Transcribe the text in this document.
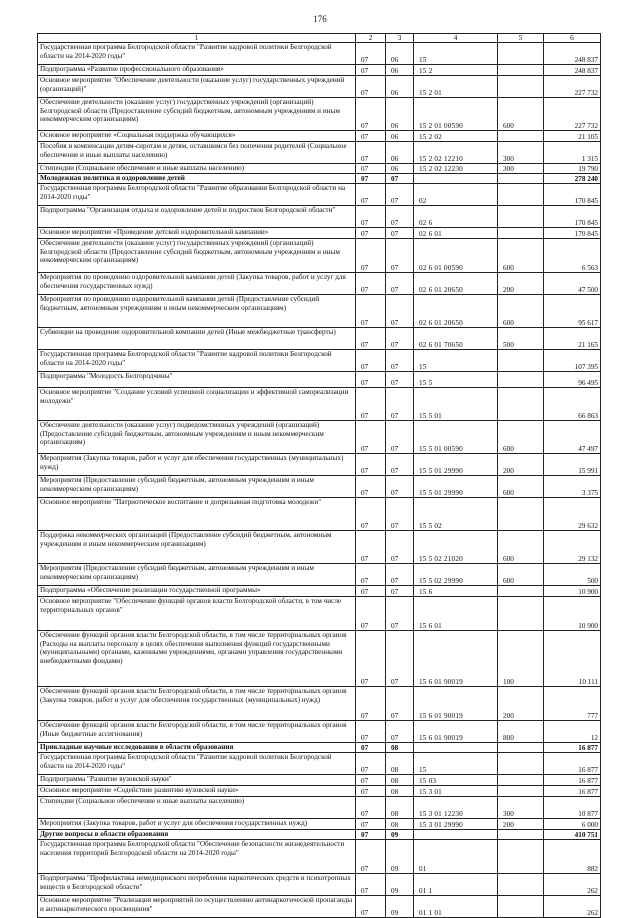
176
1	2	3	4	5	6
Государственная программа Белгородской области "Развитие кадровой политики Белгородской области на 2014-2020 годы"	07	06	15		248 837
Подпрограмма «Развитие профессионального образования»	07	06	15 2		248 837
Основное мероприятие "Обеспечение деятельности (оказание услуг) государственных учреждений (организаций)"	07	06	15 2 01		227 732
Обеспечение деятельности (оказание услуг) государственных учреждений (организаций) Белгородской области (Предоставление субсидий бюджетным, автономным учреждениям и иным некоммерческим организациям)	07	06	15 2 01 00590	600	227 732
Основное мероприятие «Социальная поддержка обучающихся»	07	06	15 2 02		21 105
Пособия и компенсации детям-сиротам и детям, оставшимся без попечения родителей (Социальное обеспечение и иные выплаты населению)	07	06	15 2 02 12210	300	1 315
Стипендии (Социальное обеспечение и иные выплаты населению)	07	06	15 2 02 12230	300	19 790
Молодежная политика и оздоровление детей	07	07			278 240
Государственная программа Белгородской области "Развитие образования Белгородской области на 2014-2020 годы"	07	07	02		170 845
Подпрограмма "Организация отдыха и оздоровление детей и подростков Белгородской области"	07	07	02 6		170 845
Основное мероприятие «Проведение детской оздоровительной кампании»	07	07	02 6 01		170 845
Обеспечение деятельности (оказание услуг) государственных учреждений (организаций) Белгородской области (Предоставление субсидий бюджетным, автономным учреждениям и иным некоммерческим организациям)	07	07	02 6 01 00590	600	6 563
Мероприятия по проведению оздоровительной кампании детей (Закупка товаров, работ и услуг для обеспечения государственных нужд)	07	07	02 6 01 20650	200	47 500
Мероприятия по проведению оздоровительной кампании детей (Предоставление субсидий бюджетным, автономным учреждениям и иным некоммерческим организациям)	07	07	02 6 01 20650	600	95 617
Субвенции на проведение оздоровительной компании детей (Иные межбюджетные трансферты)	07	07	02 6 01 70650	500	21 165
Государственная программа Белгородской области "Развитие кадровой политики Белгородской области на 2014-2020 годы"	07	07	15		107 395
Подпрограмма "Молодость Белгородчины"	07	07	15 5		96 495
Основное мероприятие "Создание условий успешной социализации и эффективной самореализации молодежи"	07	07	15 5 01		66 863
Обеспечение деятельности (оказание услуг) подведомственных учреждений (организаций) (Предоставление субсидий бюджетным, автономным учреждениям и иным некоммерческим организациям)	07	07	15 5 01 00590	600	47 497
Мероприятия (Закупка товаров, работ и услуг для обеспечения государственных (муниципальных) нужд)	07	07	15 5 01 29990	200	15 991
Мероприятия (Предоставление субсидий бюджетным, автономным учреждениям и иным некоммерческим организациям)	07	07	15 5 01 29990	600	3 375
Основное мероприятие "Патриотическое воспитание и допризывная подготовка молодежи"	07	07	15 5 02		29 632
Поддержка некоммерческих организаций (Предоставление субсидий бюджетным, автономным учреждениям и иным некоммерческим организациям)	07	07	15 5 02 21020	600	29 132
Мероприятия (Предоставление субсидий бюджетным, автономным учреждениям и иным некоммерческим организациям)	07	07	15 5 02 29990	600	500
Подпрограмма «Обеспечение реализации государственной программы»	07	07	15 6		10 900
Основное мероприятие "Обеспечение функций органов власти Белгородской области, в том числе территориальных органов"	07	07	15 6 01		10 900
Обеспечение функций органов власти Белгородской области, в том числе территориальных органов (Расходы на выплаты персоналу в целях обеспечения выполнения функций государственными (муниципальными) органами, казенными учреждениями, органами управления государственными внебюджетными фондами)	07	07	15 6 01 90019	100	10 111
Обеспечение функций органов власти Белгородской области, в том числе территориальных органов (Закупка товаров, работ и услуг для обеспечения государственных (муниципальных) нужд)	07	07	15 6 01 90019	200	777
Обеспечение функций органов власти Белгородской области, в том числе территориальных органов (Иные бюджетные ассигнования)	07	07	15 6 01 90019	800	12
Прикладные научные исследования в области образования	07	08			16 877
Государственная программа Белгородской области "Развитие кадровой политики Белгородской области на 2014-2020 годы"	07	08	15		16 877
Подпрограмма "Развитие вузовской науки"	07	08	15 03		16 877
Основное мероприятие «Содействие развитию вузовской науки»	07	08	15 3 01		16 877
Стипендии (Социальное обеспечение и иные выплаты населению)	07	08	15 3 01 12230	300	10 877
Мероприятия (Закупка товаров, работ и услуг для обеспечения государственных нужд)	07	08	15 3 01 29990	200	6 000
Другие вопросы в области образования	07	09			410 751
Государственная программа Белгородской области "Обеспечение безопасности жизнедеятельности населения территорий Белгородской области на 2014-2020 годы"	07	09	01		882
Подпрограмма "Профилактика немедицинского потребления наркотических средств и психотропных веществ в Белгородской области"	07	09	01 1		262
Основное мероприятие "Реализация мероприятий по осуществлению антинаркотической пропаганды и антинаркотического просвещения"	07	09	01 1 01		262
